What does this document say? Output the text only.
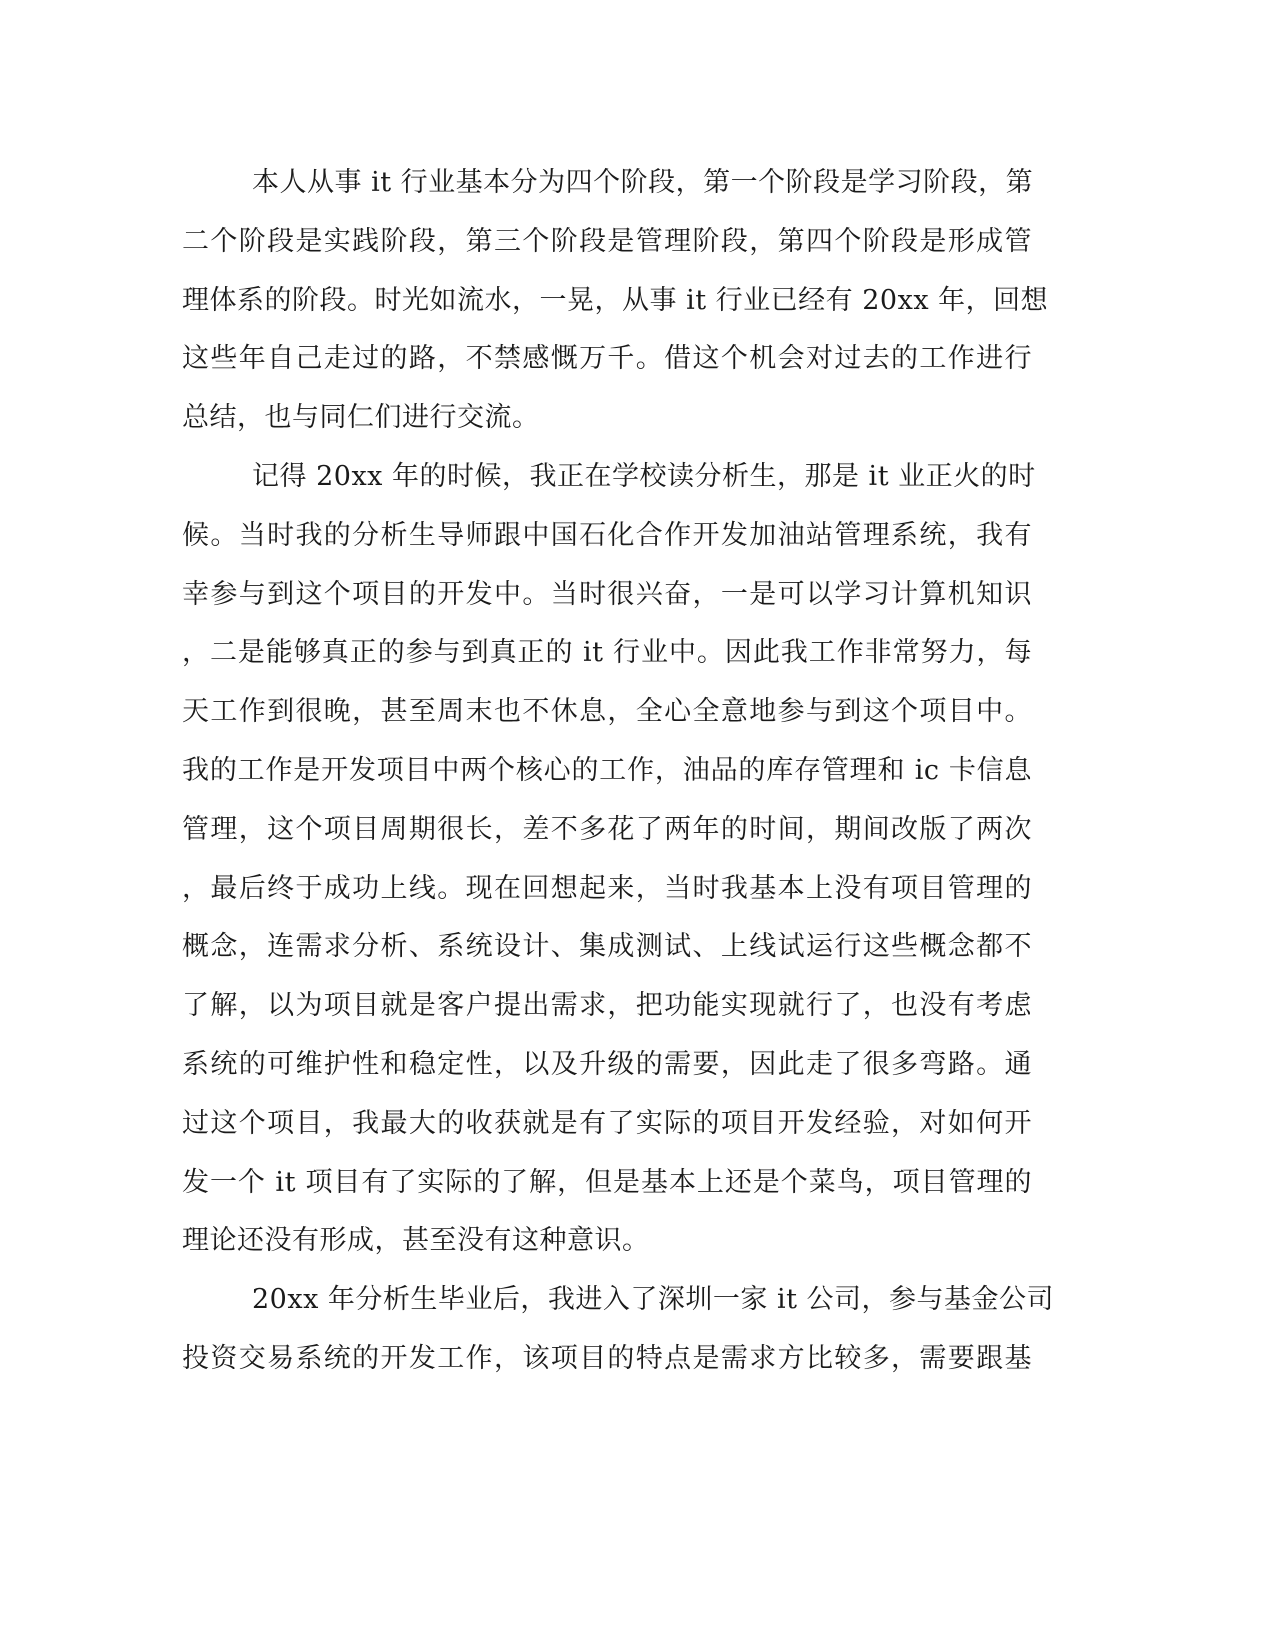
本人从事 it 行业基本分为四个阶段，第一个阶段是学习阶段，第
二个阶段是实践阶段，第三个阶段是管理阶段，第四个阶段是形成管
理体系的阶段。时光如流水，一晃，从事 it 行业已经有 20xx 年，回想
这些年自己走过的路，不禁感慨万千。借这个机会对过去的工作进行
总结，也与同仁们进行交流。
记得 20xx 年的时候，我正在学校读分析生，那是 it 业正火的时
候。当时我的分析生导师跟中国石化合作开发加油站管理系统，我有
幸参与到这个项目的开发中。当时很兴奋，一是可以学习计算机知识
，二是能够真正的参与到真正的 it 行业中。因此我工作非常努力，每
天工作到很晚，甚至周末也不休息，全心全意地参与到这个项目中。
我的工作是开发项目中两个核心的工作，油品的库存管理和 ic 卡信息
管理，这个项目周期很长，差不多花了两年的时间，期间改版了两次
，最后终于成功上线。现在回想起来，当时我基本上没有项目管理的
概念，连需求分析、系统设计、集成测试、上线试运行这些概念都不
了解，以为项目就是客户提出需求，把功能实现就行了，也没有考虑
系统的可维护性和稳定性，以及升级的需要，因此走了很多弯路。通
过这个项目，我最大的收获就是有了实际的项目开发经验，对如何开
发一个 it 项目有了实际的了解，但是基本上还是个菜鸟，项目管理的
理论还没有形成，甚至没有这种意识。
20xx 年分析生毕业后，我进入了深圳一家 it 公司，参与基金公司
投资交易系统的开发工作，该项目的特点是需求方比较多，需要跟基
